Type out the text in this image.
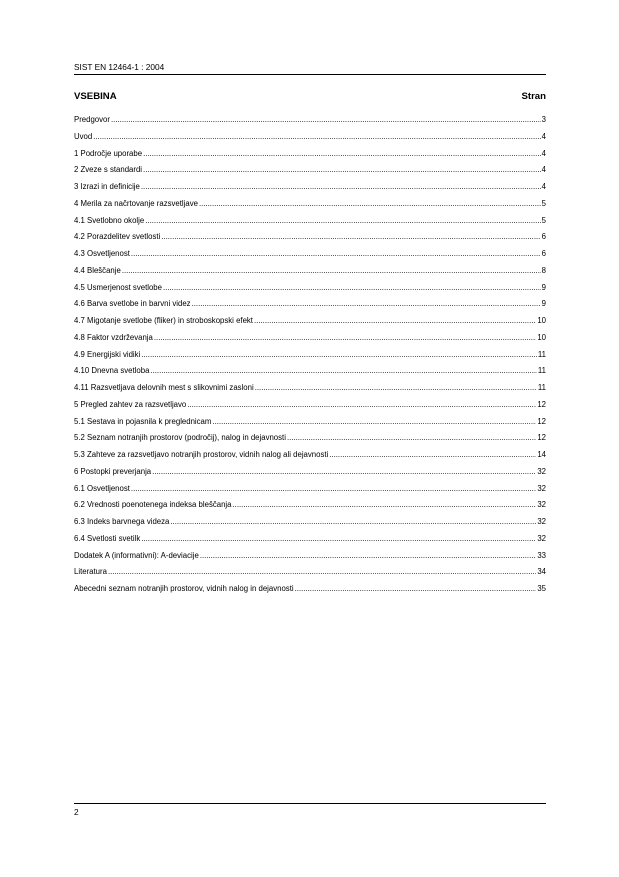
SIST EN 12464-1 : 2004
VSEBINA	Stran
Predgovor .....	3
Uvod .....	4
1 Področje uporabe .....	4
2 Zveze s standardi .....	4
3 Izrazi in definicije .....	4
4 Merila za načrtovanje razsvetljave .....	5
4.1 Svetlobno okolje .....	5
4.2 Porazdelitev svetlosti .....	6
4.3 Osvetljenost .....	6
4.4 Bleščanje .....	8
4.5 Usmerjenost svetlobe .....	9
4.6 Barva svetlobe in barvni videz .....	9
4.7 Migotanje svetlobe (fliker) in stroboskopski efekt .....	10
4.8 Faktor vzdrževanja .....	10
4.9 Energijski vidiki .....	11
4.10 Dnevna svetloba .....	11
4.11 Razsvetljava delovnih mest s slikovnimi zasloni .....	11
5 Pregled zahtev za razsvetljavo .....	12
5.1 Sestava in pojasnila k preglednicam .....	12
5.2 Seznam notranjih prostorov (področij), nalog in dejavnosti .....	12
5.3 Zahteve za razsvetljavo notranjih prostorov, vidnih nalog ali dejavnosti .....	14
6 Postopki preverjanja .....	32
6.1 Osvetljenost .....	32
6.2 Vrednosti poenotenega indeksa bleščanja .....	32
6.3 Indeks barvnega videza .....	32
6.4 Svetlosti svetilk .....	32
Dodatek A (informativni): A-deviacije .....	33
Literatura .....	34
Abecedni seznam notranjih prostorov, vidnih nalog in dejavnosti .....	35
2
